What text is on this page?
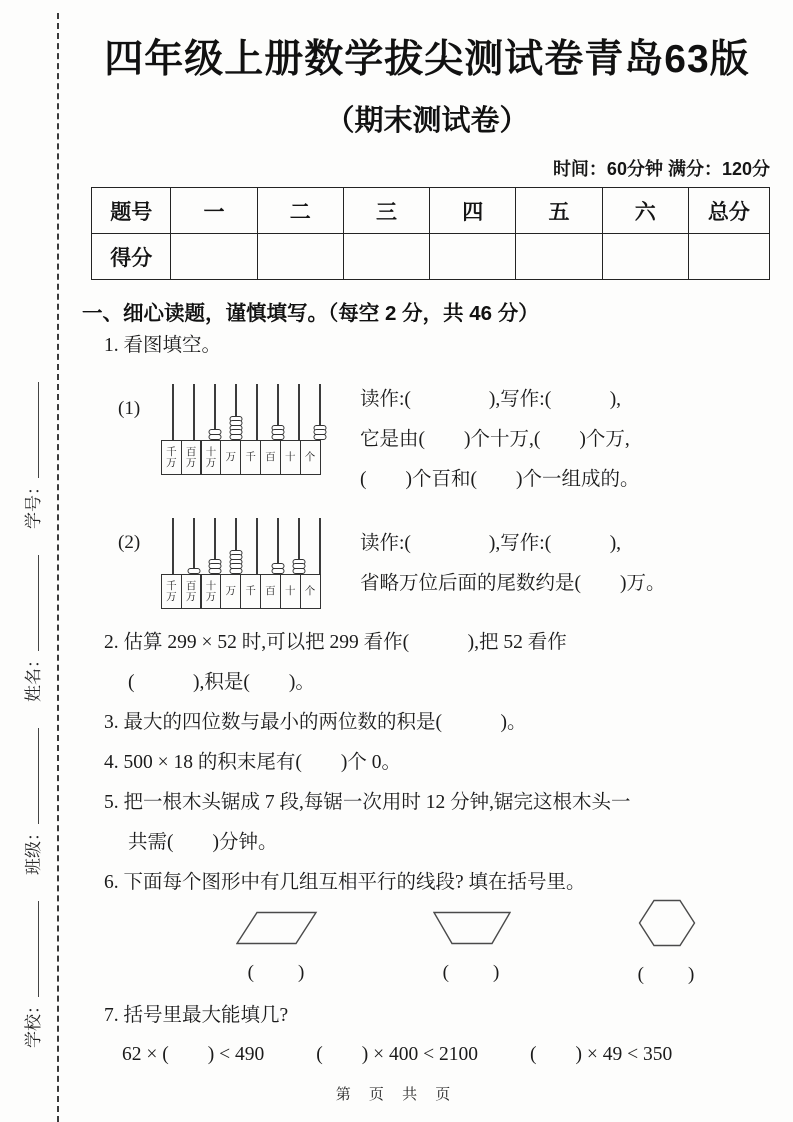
学校：
班级：
姓名：
学号：
四年级上册数学拔尖测试卷青岛63版
（期末测试卷）
时间：60分钟 满分：120分
题号	一	二	三	四	五	六	总分
得分							
一、细心读题，谨慎填写。（每空 2 分，共 46 分）
1. 看图填空。
(1)
千万
百万
十万 万 千 百 十 个
读作:(　　　　),写作:(　　　),
它是由(　　)个十万,(　　)个万,
(　　)个百和(　　)个一组成的。
(2)
千万
百万
十万 万 千 百 十 个
读作:(　　　　),写作:(　　　),
省略万位后面的尾数约是(　　)万。
2. 估算 299 × 52 时,可以把 299 看作(　　　),把 52 看作
(　　　),积是(　　)。
3. 最大的四位数与最小的两位数的积是(　　　)。
4. 500 × 18 的积末尾有(　　)个 0。
5. 把一根木头锯成 7 段,每锯一次用时 12 分钟,锯完这根木头一
共需(　　)分钟。
6. 下面每个图形中有几组互相平行的线段? 填在括号里。
(　　)	(　　)	(　　)
7. 括号里最大能填几?
62 × (　　) < 490	(　　) × 400 < 2100	(　　) × 49 < 350
第 页 共 页
